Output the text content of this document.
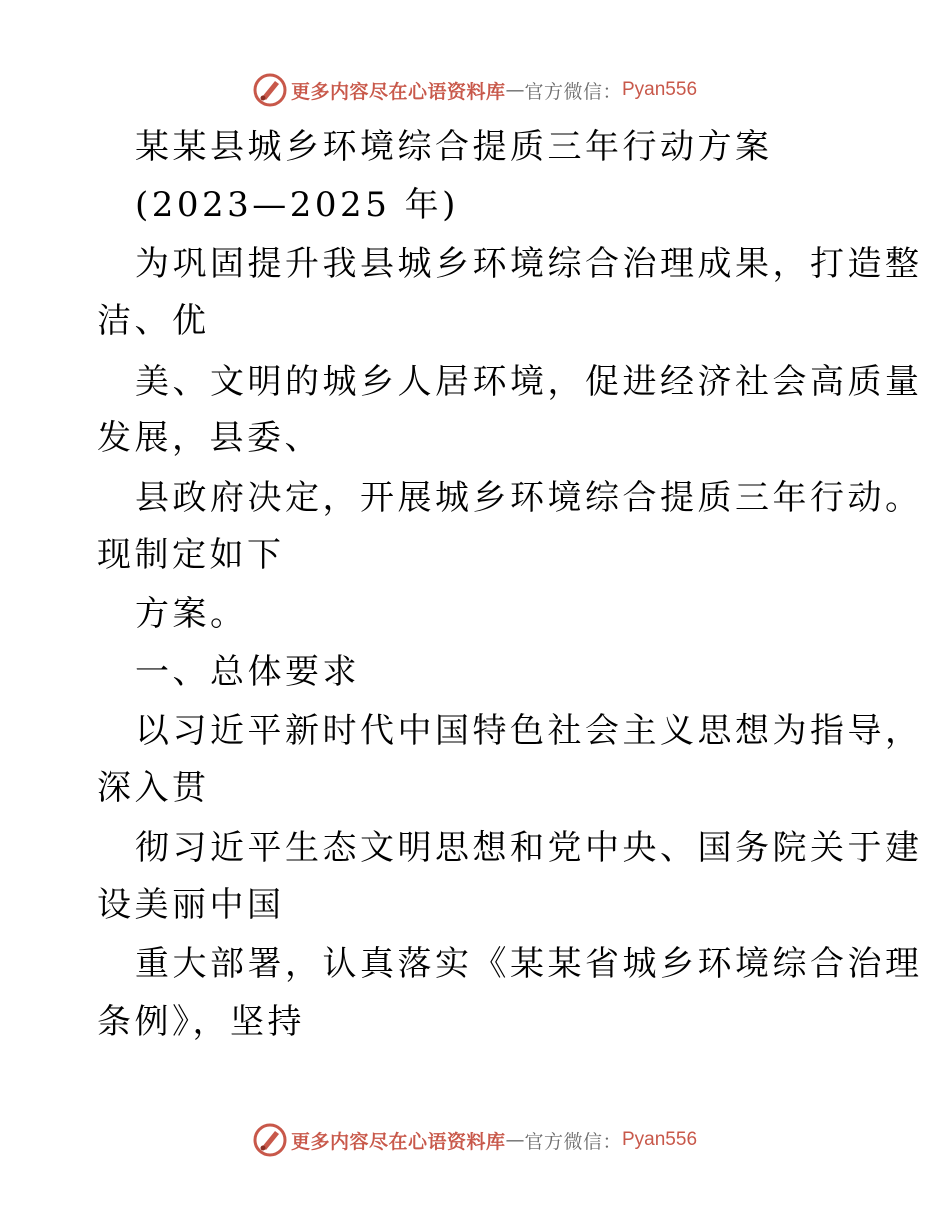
更多内容尽在心语资料库 — 官方微信： Pyan556
某某县城乡环境综合提质三年行动方案
(2023—2025 年)
为巩固提升我县城乡环境综合治理成果，打造整
洁、优
美、文明的城乡人居环境，促进经济社会高质量
发展，县委、
县政府决定，开展城乡环境综合提质三年行动。
现制定如下
方案。
一、总体要求
以习近平新时代中国特色社会主义思想为指导，
深入贯
彻习近平生态文明思想和党中央、国务院关于建
设美丽中国
重大部署，认真落实《某某省城乡环境综合治理
条例》，坚持
更多内容尽在心语资料库 — 官方微信： Pyan556
